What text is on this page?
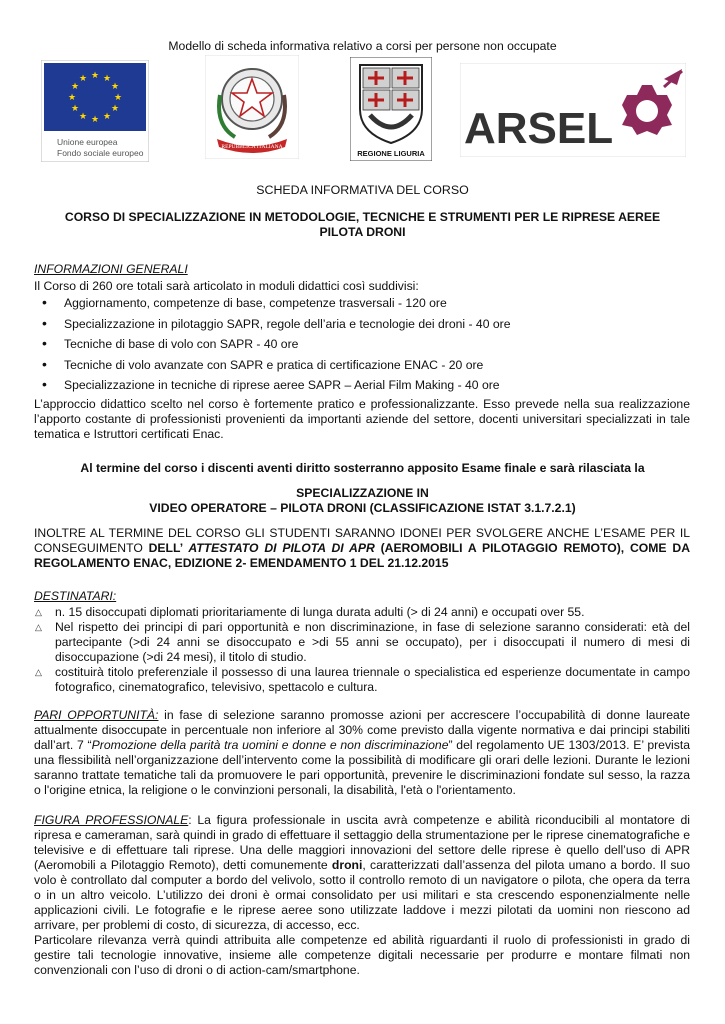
Modello di scheda informativa relativo a corsi per persone non occupate
★ ★
★
★
★
★
★
★
★
★
★
★
Unione europea
Fondo sociale europeo
REPUBBLICA ITALIANA
REGIONE LIGURIA
ARSEL
SCHEDA INFORMATIVA DEL CORSO
CORSO DI SPECIALIZZAZIONE IN METODOLOGIE, TECNICHE E STRUMENTI PER LE RIPRESE AEREE
PILOTA DRONI
INFORMAZIONI GENERALI
Il Corso di 260 ore totali sarà articolato in moduli didattici così suddivisi:
• Aggiornamento, competenze di base, competenze trasversali - 120 ore
• Specializzazione in pilotaggio SAPR, regole dell’aria e tecnologie dei droni - 40 ore
• Tecniche di base di volo con SAPR - 40 ore
• Tecniche di volo avanzate con SAPR e pratica di certificazione ENAC - 20 ore
• Specializzazione in tecniche di riprese aeree SAPR – Aerial Film Making - 40 ore
L’approccio didattico scelto nel corso è fortemente pratico e professionalizzante. Esso prevede nella sua realizzazione l’apporto costante di professionisti provenienti da importanti aziende del settore, docenti universitari specializzati in tale tematica e Istruttori certificati Enac.
Al termine del corso i discenti aventi diritto sosterranno apposito Esame finale e sarà rilasciata la
SPECIALIZZAZIONE IN
VIDEO OPERATORE – PILOTA DRONI (CLASSIFICAZIONE ISTAT 3.1.7.2.1)
INOLTRE AL TERMINE DEL CORSO GLI STUDENTI SARANNO IDONEI PER SVOLGERE ANCHE L’ESAME PER IL CONSEGUIMENTO DELL’ ATTESTATO DI PILOTA DI APR (AEROMOBILI A PILOTAGGIO REMOTO), COME DA REGOLAMENTO ENAC, EDIZIONE 2- EMENDAMENTO 1 DEL 21.12.2015
DESTINATARI:
△ n. 15 disoccupati diplomati prioritariamente di lunga durata adulti (> di 24 anni) e occupati over 55.
△ Nel rispetto dei principi di pari opportunità e non discriminazione, in fase di selezione saranno considerati: età del partecipante (>di 24 anni se disoccupato e >di 55 anni se occupato), per i disoccupati il numero di mesi di disoccupazione (>di 24 mesi), il titolo di studio.
△ costituirà titolo preferenziale il possesso di una laurea triennale o specialistica ed esperienze documentate in campo fotografico, cinematografico, televisivo, spettacolo e cultura.
PARI OPPORTUNITÀ: in fase di selezione saranno promosse azioni per accrescere l’occupabilità di donne laureate attualmente disoccupate in percentuale non inferiore al 30% come previsto dalla vigente normativa e dai principi stabiliti dall’art. 7 “Promozione della parità tra uomini e donne e non discriminazione” del regolamento UE 1303/2013. E’ prevista una flessibilità nell’organizzazione dell’intervento come la possibilità di modificare gli orari delle lezioni. Durante le lezioni saranno trattate tematiche tali da promuovere le pari opportunità, prevenire le discriminazioni fondate sul sesso, la razza o l'origine etnica, la religione o le convinzioni personali, la disabilità, l'età o l'orientamento.
FIGURA PROFESSIONALE: La figura professionale in uscita avrà competenze e abilità riconducibili al montatore di ripresa e cameraman, sarà quindi in grado di effettuare il settaggio della strumentazione per le riprese cinematografiche e televisive e di effettuare tali riprese. Una delle maggiori innovazioni del settore delle riprese è quello dell’uso di APR (Aeromobili a Pilotaggio Remoto), detti comunemente droni, caratterizzati dall’assenza del pilota umano a bordo. Il suo volo è controllato dal computer a bordo del velivolo, sotto il controllo remoto di un navigatore o pilota, che opera da terra o in un altro veicolo. L’utilizzo dei droni è ormai consolidato per usi militari e sta crescendo esponenzialmente nelle applicazioni civili. Le fotografie e le riprese aeree sono utilizzate laddove i mezzi pilotati da uomini non riescono ad arrivare, per problemi di costo, di sicurezza, di accesso, ecc.
Particolare rilevanza verrà quindi attribuita alle competenze ed abilità riguardanti il ruolo di professionisti in grado di gestire tali tecnologie innovative, insieme alle competenze digitali necessarie per produrre e montare filmati non convenzionali con l’uso di droni o di action-cam/smartphone.
